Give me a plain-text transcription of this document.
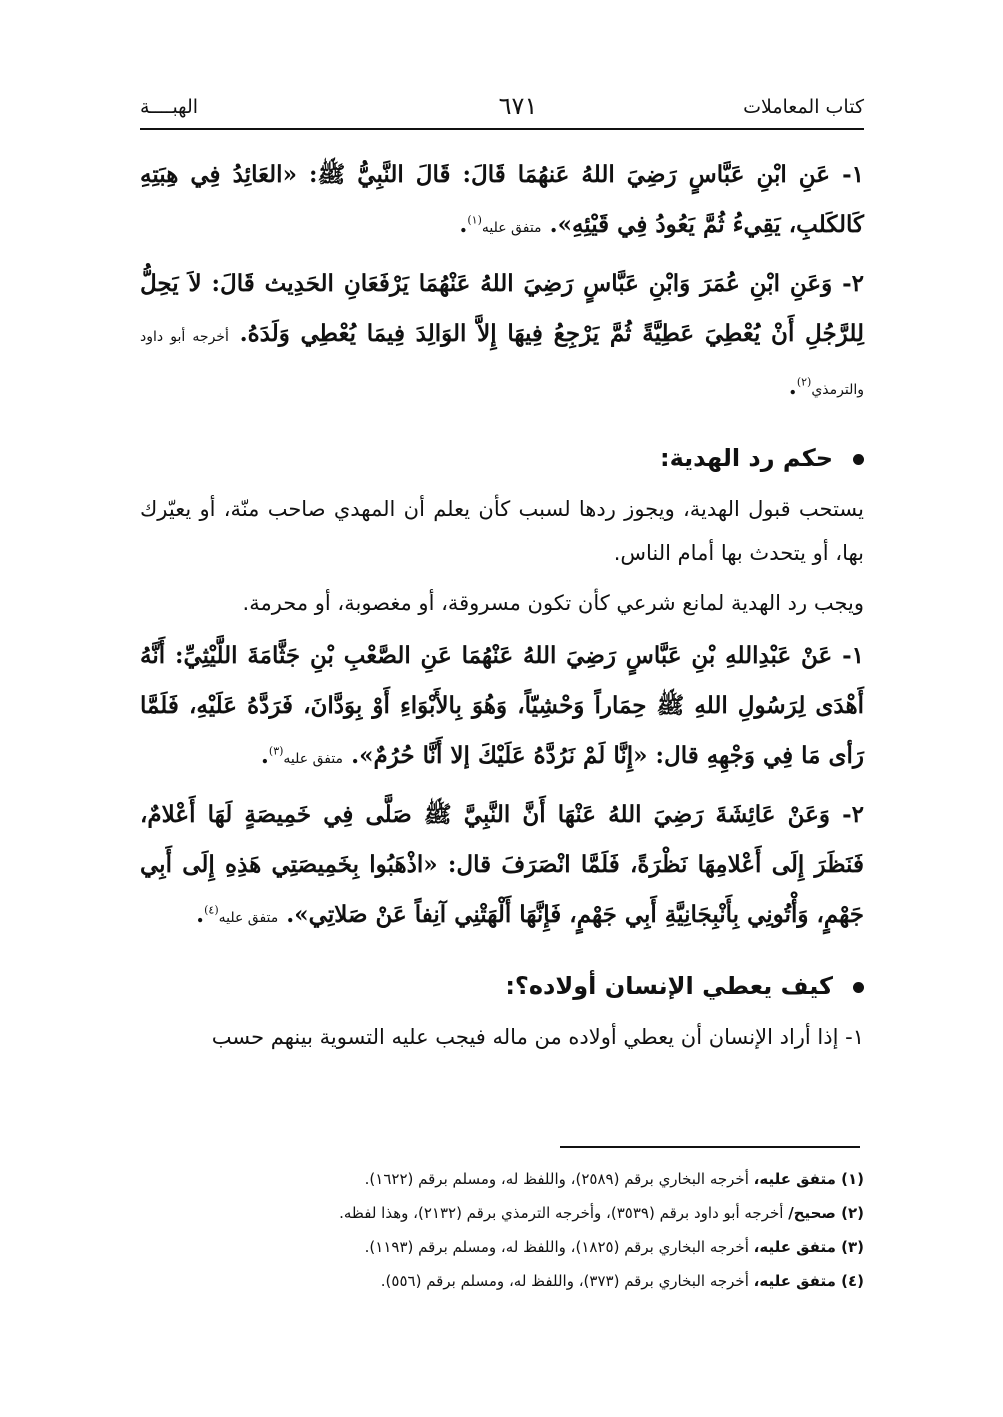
كتاب المعاملات
٦٧١
الهبــــة

١- عَنِ ابْنِ عَبَّاسٍ رَضِيَ اللهُ عَنهُمَا قَالَ: قَالَ النَّبِيُّ ﷺ: «العَائِدُ فِي هِبَتِهِ كَالكَلبِ، يَقِيءُ ثُمَّ يَعُودُ فِي قَيْئِهِ». متفق عليه$^{(١)}$.

٢- وَعَنِ ابْنِ عُمَرَ وَابْنِ عَبَّاسٍ رَضِيَ اللهُ عَنْهُمَا يَرْفَعَانِ الحَدِيث قَالَ: لاَ يَحِلُّ لِلرَّجُلِ أَنْ يُعْطِيَ عَطِيَّةً ثُمَّ يَرْجِعُ فِيهَا إِلاَّ الوَالِدَ فِيمَا يُعْطِي وَلَدَهُ. أخرجه أبو داود والترمذي$^{(٢)}$.

حكم رد الهدية:

يستحب قبول الهدية، ويجوز ردها لسبب كأن يعلم أن المهدي صاحب منّة، أو يعيّرك بها، أو يتحدث بها أمام الناس.

ويجب رد الهدية لمانع شرعي كأن تكون مسروقة، أو مغصوبة، أو محرمة.

١- عَنْ عَبْدِاللهِ بْنِ عَبَّاسٍ رَضِيَ اللهُ عَنْهُمَا عَنِ الصَّعْبِ بْنِ جَثَّامَةَ اللَّيْثِيِّ: أَنَّهُ أَهْدَى لِرَسُولِ اللهِ ﷺ حِمَاراً وَحْشِيّاً، وَهُوَ بِالأَبْوَاءِ أَوْ بِوَدَّانَ، فَرَدَّهُ عَلَيْهِ، فَلَمَّا رَأى مَا فِي وَجْهِهِ قال: «إِنَّا لَمْ نَرُدَّهُ عَلَيْكَ إلا أَنَّا حُرُمٌ». متفق عليه$^{(٣)}$.

٢- وَعَنْ عَائِشَةَ رَضِيَ اللهُ عَنْهَا أَنَّ النَّبِيَّ ﷺ صَلَّى فِي خَمِيصَةٍ لَهَا أَعْلامٌ، فَنَظَرَ إِلَى أَعْلامِهَا نَظْرَةً، فَلَمَّا انْصَرَفَ قال: «اذْهَبُوا بِخَمِيصَتِي هَذِهِ إِلَى أَبِي جَهْمٍ، وَأْتُونِي بِأَنْبِجَانِيَّةِ أَبِي جَهْمٍ، فَإِنَّهَا أَلْهَتْنِي آنِفاً عَنْ صَلاتِي». متفق عليه$^{(٤)}$.

كيف يعطي الإنسان أولاده؟:

١- إذا أراد الإنسان أن يعطي أولاده من ماله فيجب عليه التسوية بينهم حسب

(١) متفق عليه، أخرجه البخاري برقم (٢٥٨٩)، واللفظ له، ومسلم برقم (١٦٢٢).
(٢) صحيح/ أخرجه أبو داود برقم (٣٥٣٩)، وأخرجه الترمذي برقم (٢١٣٢)، وهذا لفظه.
(٣) متفق عليه، أخرجه البخاري برقم (١٨٢٥)، واللفظ له، ومسلم برقم (١١٩٣).
(٤) متفق عليه، أخرجه البخاري برقم (٣٧٣)، واللفظ له، ومسلم برقم (٥٥٦).
